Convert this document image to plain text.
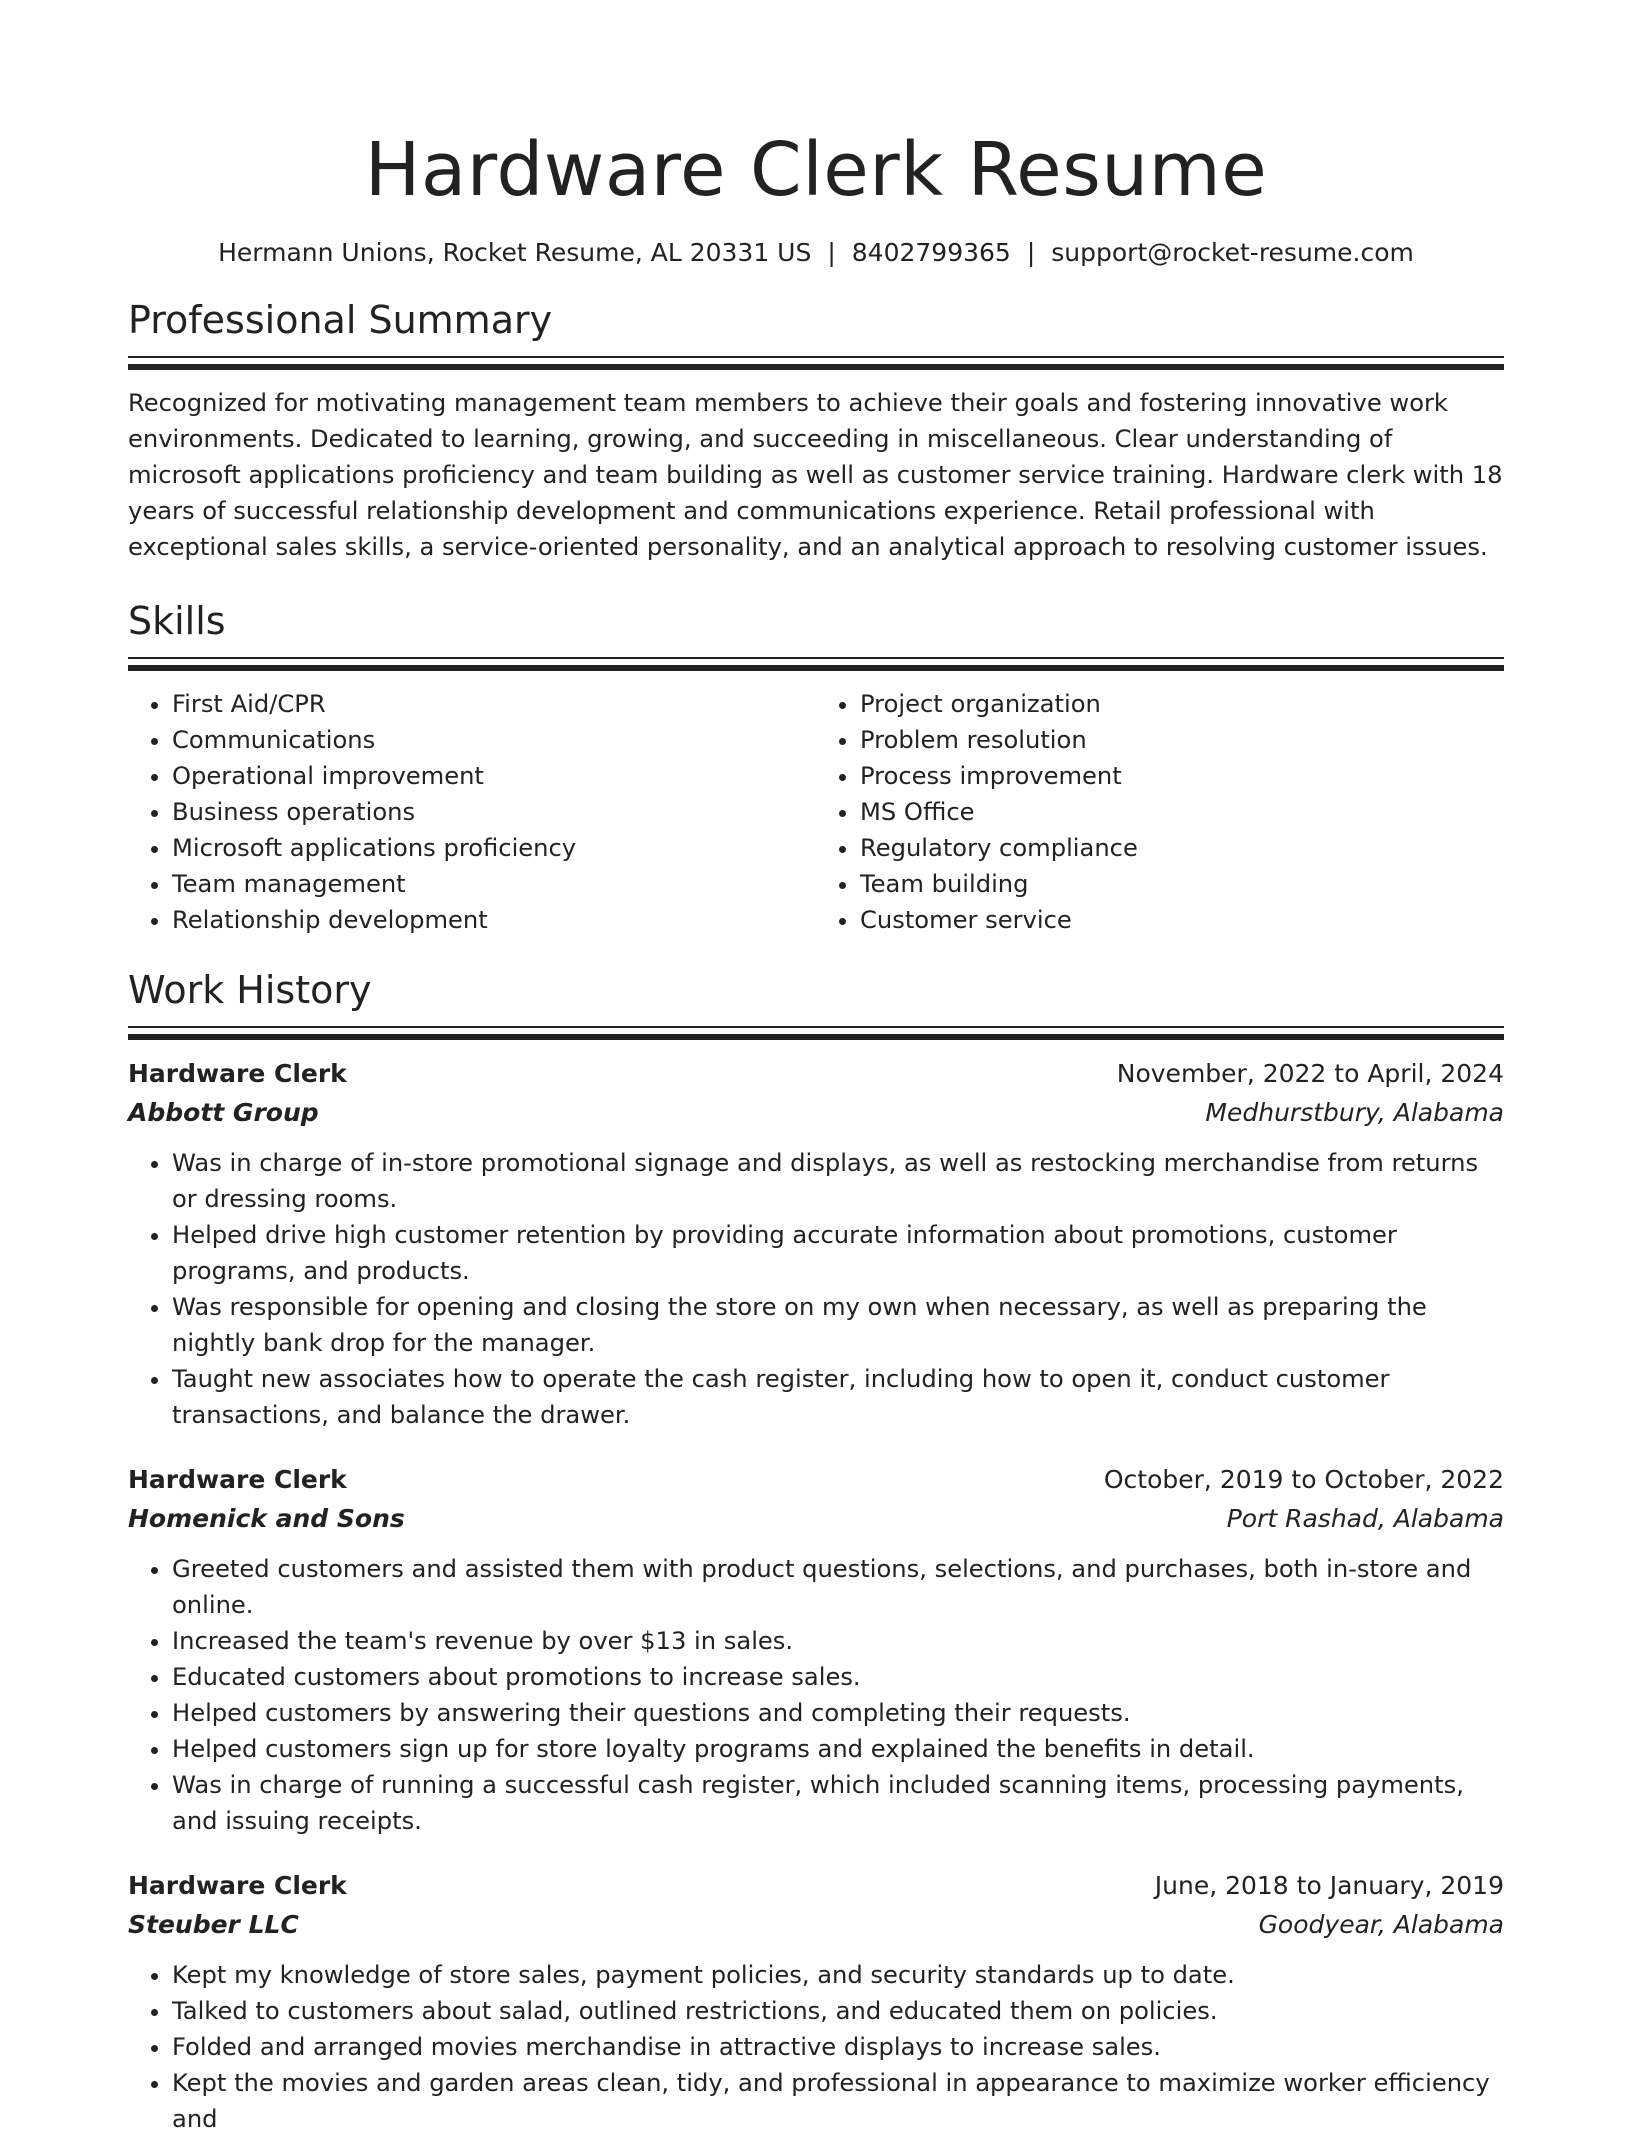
Hardware Clerk Resume
Hermann Unions, Rocket Resume, AL 20331 US | 8402799365 | support@rocket-resume.com
Professional Summary

Recognized for motivating management team members to achieve their goals and fostering innovative work environments. Dedicated to learning, growing, and succeeding in miscellaneous. Clear understanding of microsoft applications proficiency and team building as well as customer service training. Hardware clerk with 18 years of successful relationship development and communications experience. Retail professional with exceptional sales skills, a service-oriented personality, and an analytical approach to resolving customer issues.

Skills
• First Aid/CPR
• Communications
• Operational improvement
• Business operations
• Microsoft applications proficiency
• Team management
• Relationship development
• Project organization
• Problem resolution
• Process improvement
• MS Office
• Regulatory compliance
• Team building
• Customer service
Work History
Hardware Clerk	November, 2022 to April, 2024
Abbott Group	Medhurstbury, Alabama
• Was in charge of in-store promotional signage and displays, as well as restocking merchandise from returns or dressing rooms.
• Helped drive high customer retention by providing accurate information about promotions, customer programs, and products.
• Was responsible for opening and closing the store on my own when necessary, as well as preparing the nightly bank drop for the manager.
• Taught new associates how to operate the cash register, including how to open it, conduct customer transactions, and balance the drawer.
Hardware Clerk	October, 2019 to October, 2022
Homenick and Sons	Port Rashad, Alabama
• Greeted customers and assisted them with product questions, selections, and purchases, both in-store and online.
• Increased the team's revenue by over $13 in sales.
• Educated customers about promotions to increase sales.
• Helped customers by answering their questions and completing their requests.
• Helped customers sign up for store loyalty programs and explained the benefits in detail.
• Was in charge of running a successful cash register, which included scanning items, processing payments, and issuing receipts.
Hardware Clerk	June, 2018 to January, 2019
Steuber LLC	Goodyear, Alabama
• Kept my knowledge of store sales, payment policies, and security standards up to date.
• Talked to customers about salad, outlined restrictions, and educated them on policies.
• Folded and arranged movies merchandise in attractive displays to increase sales.
• Kept the movies and garden areas clean, tidy, and professional in appearance to maximize worker efficiency and
